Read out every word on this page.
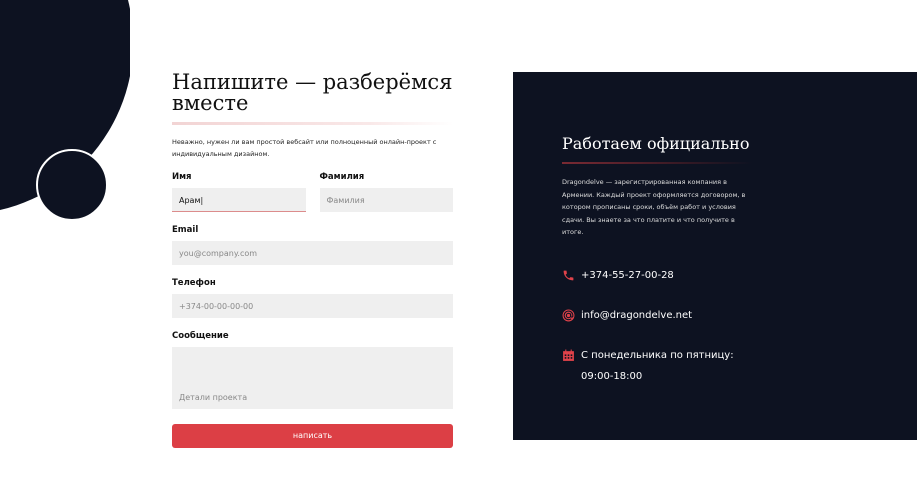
Напишите — разберёмся вместе

Неважно, нужен ли вам простой вебсайт или полноценный онлайн-проект с индивидуальным дизайном.

Имя
Арам|
Фамилия
Фамилия
Email
you@company.com
Телефон
+374-00-00-00-00
Сообщение
Детали проекта
написать
Работаем официально

Dragondelve — зарегистрированная компания в Армении. Каждый проект оформляется договором, в котором прописаны сроки, объём работ и условия сдачи. Вы знаете за что платите и что получите в итоге.

+374-55-27-00-28
info@dragondelve.net
С понедельника по пятницу:
09:00-18:00
